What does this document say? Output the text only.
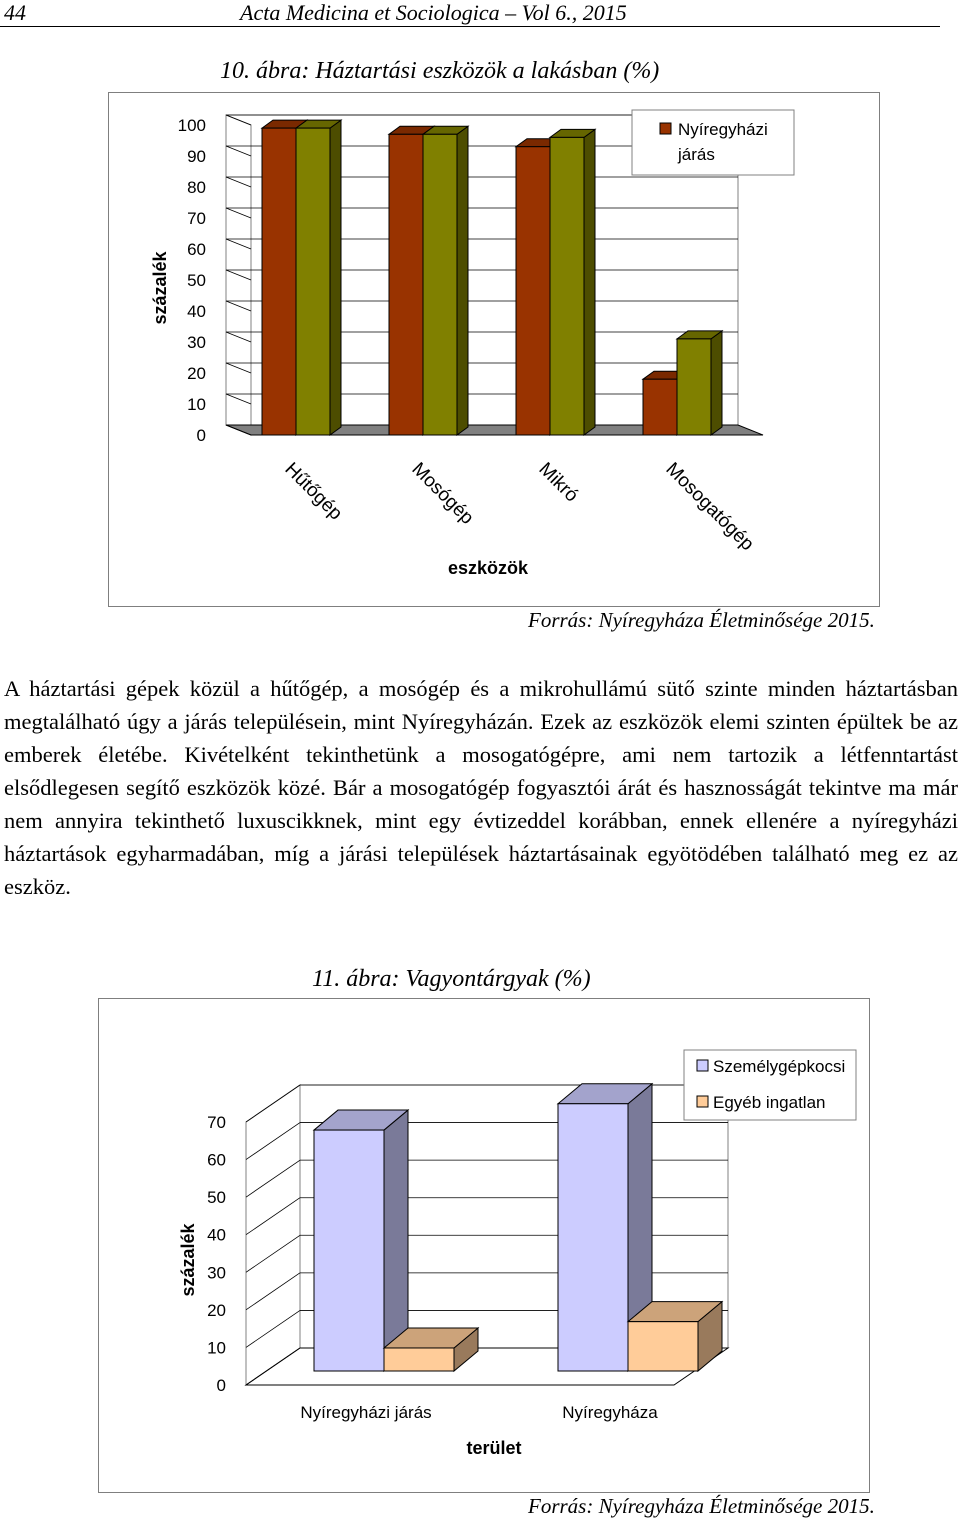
44	Acta Medicina et Sociologica – Vol 6., 2015
10. ábra: Háztartási eszközök a lakásban (%)
0
10
20
30
40
50
60
70
80
90
100
Hűtőgép	Mosógép	Mikró	Mosogatógép
eszközök
százalék
Nyíregyházi
járás
Forrás: Nyíregyháza Életminősége 2015.

A háztartási gépek közül a hűtőgép, a mosógép és a mikrohullámú sütő szinte minden háztartásban megtalálható úgy a járás településein, mint Nyíregyházán. Ezek az eszközök elemi szinten épültek be az emberek életébe. Kivételként tekinthetünk a mosogatógépre, ami nem tartozik a létfenntartást elsődlegesen segítő eszközök közé. Bár a mosogatógép fogyasztói árát és hasznosságát tekintve ma már nem annyira tekinthető luxuscikknek, mint egy évtizeddel korábban, ennek ellenére a nyíregyházi háztartások egyharmadában, míg a járási települések háztartásainak egyötödében található meg ez az eszköz.

11. ábra: Vagyontárgyak (%)
0
10
20
30
40
50
60
70
Nyíregyházi járás	Nyíregyháza
terület
százalék
Személygépkocsi
Egyéb ingatlan
Forrás: Nyíregyháza Életminősége 2015.
